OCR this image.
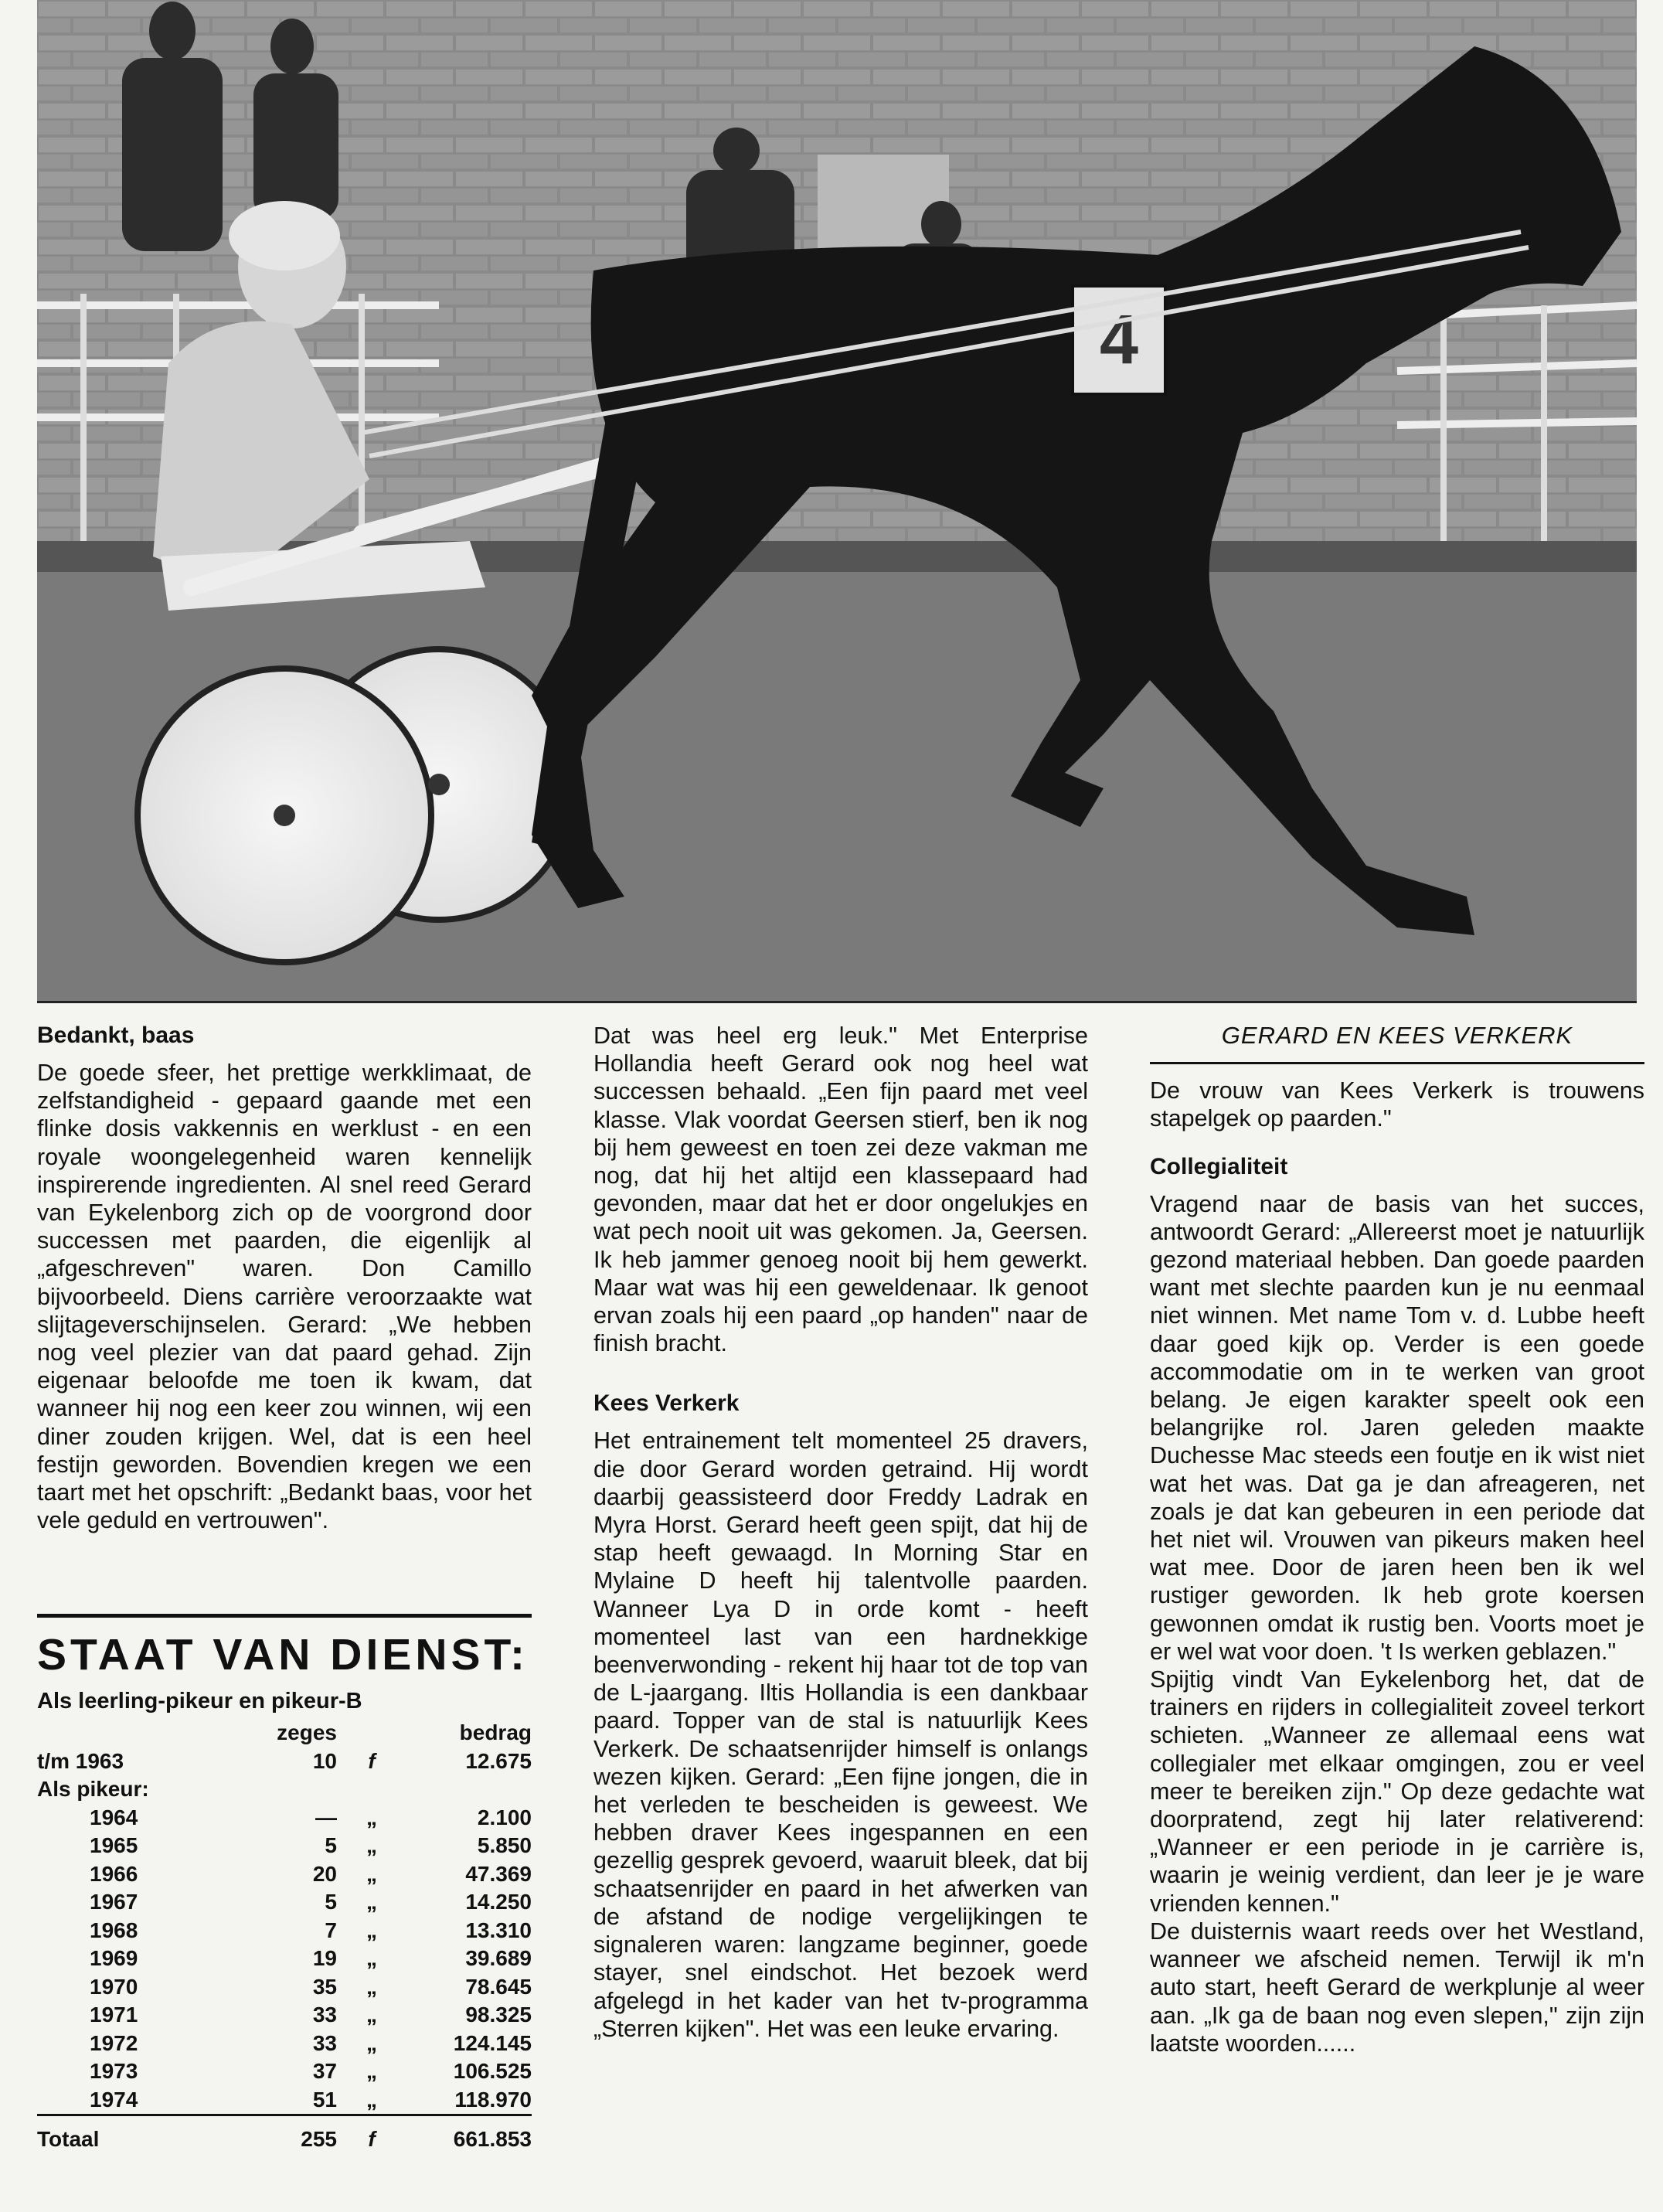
4
Bedankt, baas

De goede sfeer, het prettige werkklimaat, de zelfstandigheid - gepaard gaande met een flinke dosis vakkennis en werklust - en een royale woongelegenheid waren kennelijk inspirerende ingredienten. Al snel reed Gerard van Eykelenborg zich op de voorgrond door successen met paarden, die eigenlijk al „afgeschreven" waren. Don Camillo bijvoorbeeld. Diens carrière veroorzaakte wat slijtageverschijnselen. Gerard: „We hebben nog veel plezier van dat paard gehad. Zijn eigenaar beloofde me toen ik kwam, dat wanneer hij nog een keer zou winnen, wij een diner zouden krijgen. Wel, dat is een heel festijn geworden. Bovendien kregen we een taart met het opschrift: „Bedankt baas, voor het vele geduld en vertrouwen".

STAAT VAN DIENST:
Als leerling-pikeur en pikeur-B
	zeges		bedrag
t/m 1963	10	f	12.675
Als pikeur:			
1964	—	„	2.100
1965	5	„	5.850
1966	20	„	47.369
1967	5	„	14.250
1968	7	„	13.310
1969	19	„	39.689
1970	35	„	78.645
1971	33	„	98.325
1972	33	„	124.145
1973	37	„	106.525
1974	51	„	118.970
Totaal	255	f	661.853

Dat was heel erg leuk." Met Enterprise Hollandia heeft Gerard ook nog heel wat successen behaald. „Een fijn paard met veel klasse. Vlak voordat Geersen stierf, ben ik nog bij hem geweest en toen zei deze vakman me nog, dat hij het altijd een klassepaard had gevonden, maar dat het er door ongelukjes en wat pech nooit uit was gekomen. Ja, Geersen. Ik heb jammer genoeg nooit bij hem gewerkt. Maar wat was hij een geweldenaar. Ik genoot ervan zoals hij een paard „op handen" naar de finish bracht.

Kees Verkerk

Het entrainement telt momenteel 25 dravers, die door Gerard worden getraind. Hij wordt daarbij geassisteerd door Freddy Ladrak en Myra Horst. Gerard heeft geen spijt, dat hij de stap heeft gewaagd. In Morning Star en Mylaine D heeft hij talentvolle paarden. Wanneer Lya D in orde komt - heeft momenteel last van een hardnekkige beenverwonding - rekent hij haar tot de top van de L-jaargang. Iltis Hollandia is een dankbaar paard. Topper van de stal is natuurlijk Kees Verkerk. De schaatsenrijder himself is onlangs wezen kijken. Gerard: „Een fijne jongen, die in het verleden te bescheiden is geweest. We hebben draver Kees ingespannen en een gezellig gesprek gevoerd, waaruit bleek, dat bij schaatsenrijder en paard in het afwerken van de afstand de nodige vergelijkingen te signaleren waren: langzame beginner, goede stayer, snel eindschot. Het bezoek werd afgelegd in het kader van het tv-programma „Sterren kijken". Het was een leuke ervaring.

GERARD EN KEES VERKERK

De vrouw van Kees Verkerk is trouwens stapelgek op paarden."

Collegialiteit

Vragend naar de basis van het succes, antwoordt Gerard: „Allereerst moet je natuurlijk gezond materiaal hebben. Dan goede paarden want met slechte paarden kun je nu eenmaal niet winnen. Met name Tom v. d. Lubbe heeft daar goed kijk op. Verder is een goede accommodatie om in te werken van groot belang. Je eigen karakter speelt ook een belangrijke rol. Jaren geleden maakte Duchesse Mac steeds een foutje en ik wist niet wat het was. Dat ga je dan afreageren, net zoals je dat kan gebeuren in een periode dat het niet wil. Vrouwen van pikeurs maken heel wat mee. Door de jaren heen ben ik wel rustiger geworden. Ik heb grote koersen gewonnen omdat ik rustig ben. Voorts moet je er wel wat voor doen. 't Is werken geblazen."

Spijtig vindt Van Eykelenborg het, dat de trainers en rijders in collegialiteit zoveel terkort schieten. „Wanneer ze allemaal eens wat collegialer met elkaar omgingen, zou er veel meer te bereiken zijn." Op deze gedachte wat doorpratend, zegt hij later relativerend: „Wanneer er een periode in je carrière is, waarin je weinig verdient, dan leer je je ware vrienden kennen."

De duisternis waart reeds over het Westland, wanneer we afscheid nemen. Terwijl ik m'n auto start, heeft Gerard de werkplunje al weer aan. „Ik ga de baan nog even slepen," zijn zijn laatste woorden......
